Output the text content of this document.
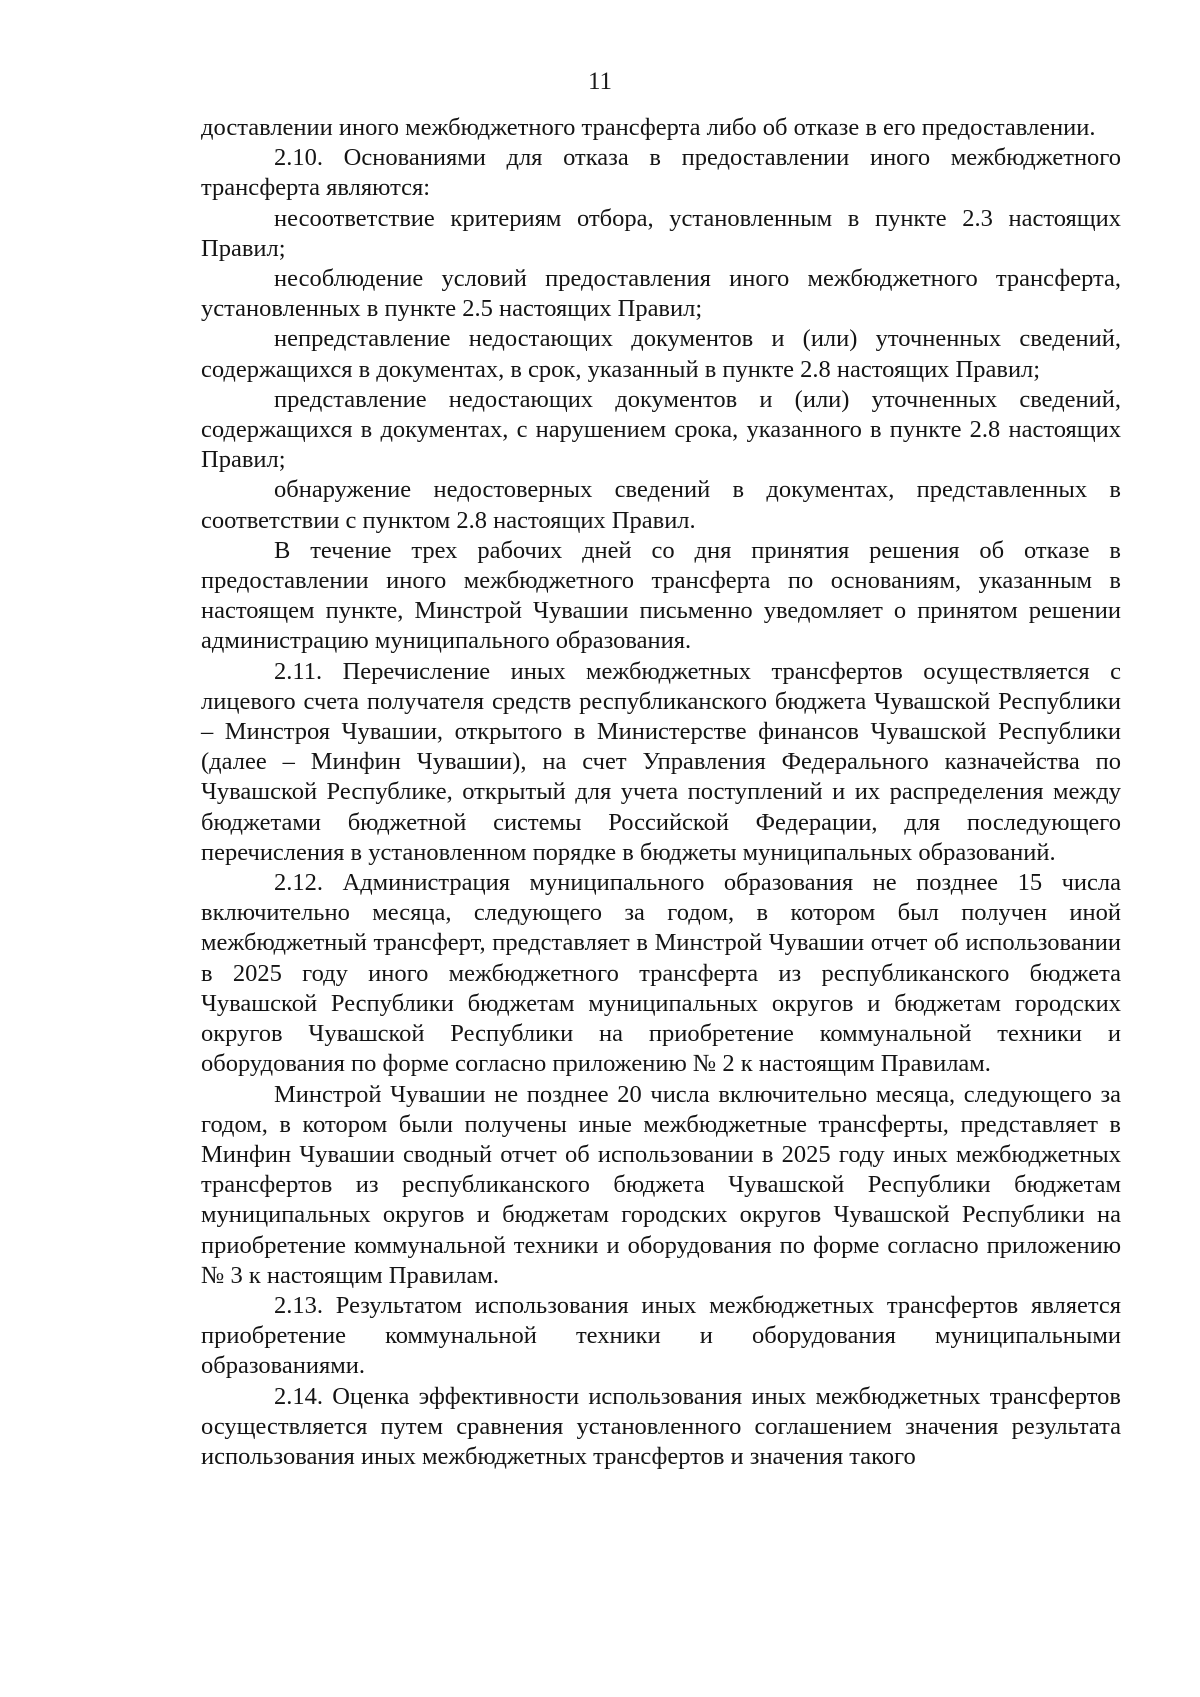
11

доставлении иного межбюджетного трансферта либо об отказе в его предоставлении.

2.10. Основаниями для отказа в предоставлении иного межбюджетного трансферта являются:

несоответствие критериям отбора, установленным в пункте 2.3 настоящих Правил;

несоблюдение условий предоставления иного межбюджетного трансферта, установленных в пункте 2.5 настоящих Правил;

непредставление недостающих документов и (или) уточненных сведений, содержащихся в документах, в срок, указанный в пункте 2.8 настоящих Правил;

представление недостающих документов и (или) уточненных сведений, содержащихся в документах, с нарушением срока, указанного в пункте 2.8 настоящих Правил;

обнаружение недостоверных сведений в документах, представленных в соответствии с пунктом 2.8 настоящих Правил.

В течение трех рабочих дней со дня принятия решения об отказе в предоставлении иного межбюджетного трансферта по основаниям, указанным в настоящем пункте, Минстрой Чувашии письменно уведомляет о принятом решении администрацию муниципального образования.

2.11. Перечисление иных межбюджетных трансфертов осуществляется с лицевого счета получателя средств республиканского бюджета Чувашской Республики – Минстроя Чувашии, открытого в Министерстве финансов Чувашской Республики (далее – Минфин Чувашии), на счет Управления Федерального казначейства по Чувашской Республике, открытый для учета поступлений и их распределения между бюджетами бюджетной системы Российской Федерации, для последующего перечисления в установленном порядке в бюджеты муниципальных образований.

2.12. Администрация муниципального образования не позднее 15 числа включительно месяца, следующего за годом, в котором был получен иной межбюджетный трансферт, представляет в Минстрой Чувашии отчет об использовании в 2025 году иного межбюджетного трансферта из республиканского бюджета Чувашской Республики бюджетам муниципальных округов и бюджетам городских округов Чувашской Республики на приобретение коммунальной техники и оборудования по форме согласно приложению № 2 к настоящим Правилам.

Минстрой Чувашии не позднее 20 числа включительно месяца, следующего за годом, в котором были получены иные межбюджетные трансферты, представляет в Минфин Чувашии сводный отчет об использовании в 2025 году иных межбюджетных трансфертов из республиканского бюджета Чувашской Республики бюджетам муниципальных округов и бюджетам городских округов Чувашской Республики на приобретение коммунальной техники и оборудования по форме согласно приложению № 3 к настоящим Правилам.

2.13. Результатом использования иных межбюджетных трансфертов является приобретение коммунальной техники и оборудования муниципальными образованиями.

2.14. Оценка эффективности использования иных межбюджетных трансфертов осуществляется путем сравнения установленного соглашением значения результата использования иных межбюджетных трансфертов и значения такого
